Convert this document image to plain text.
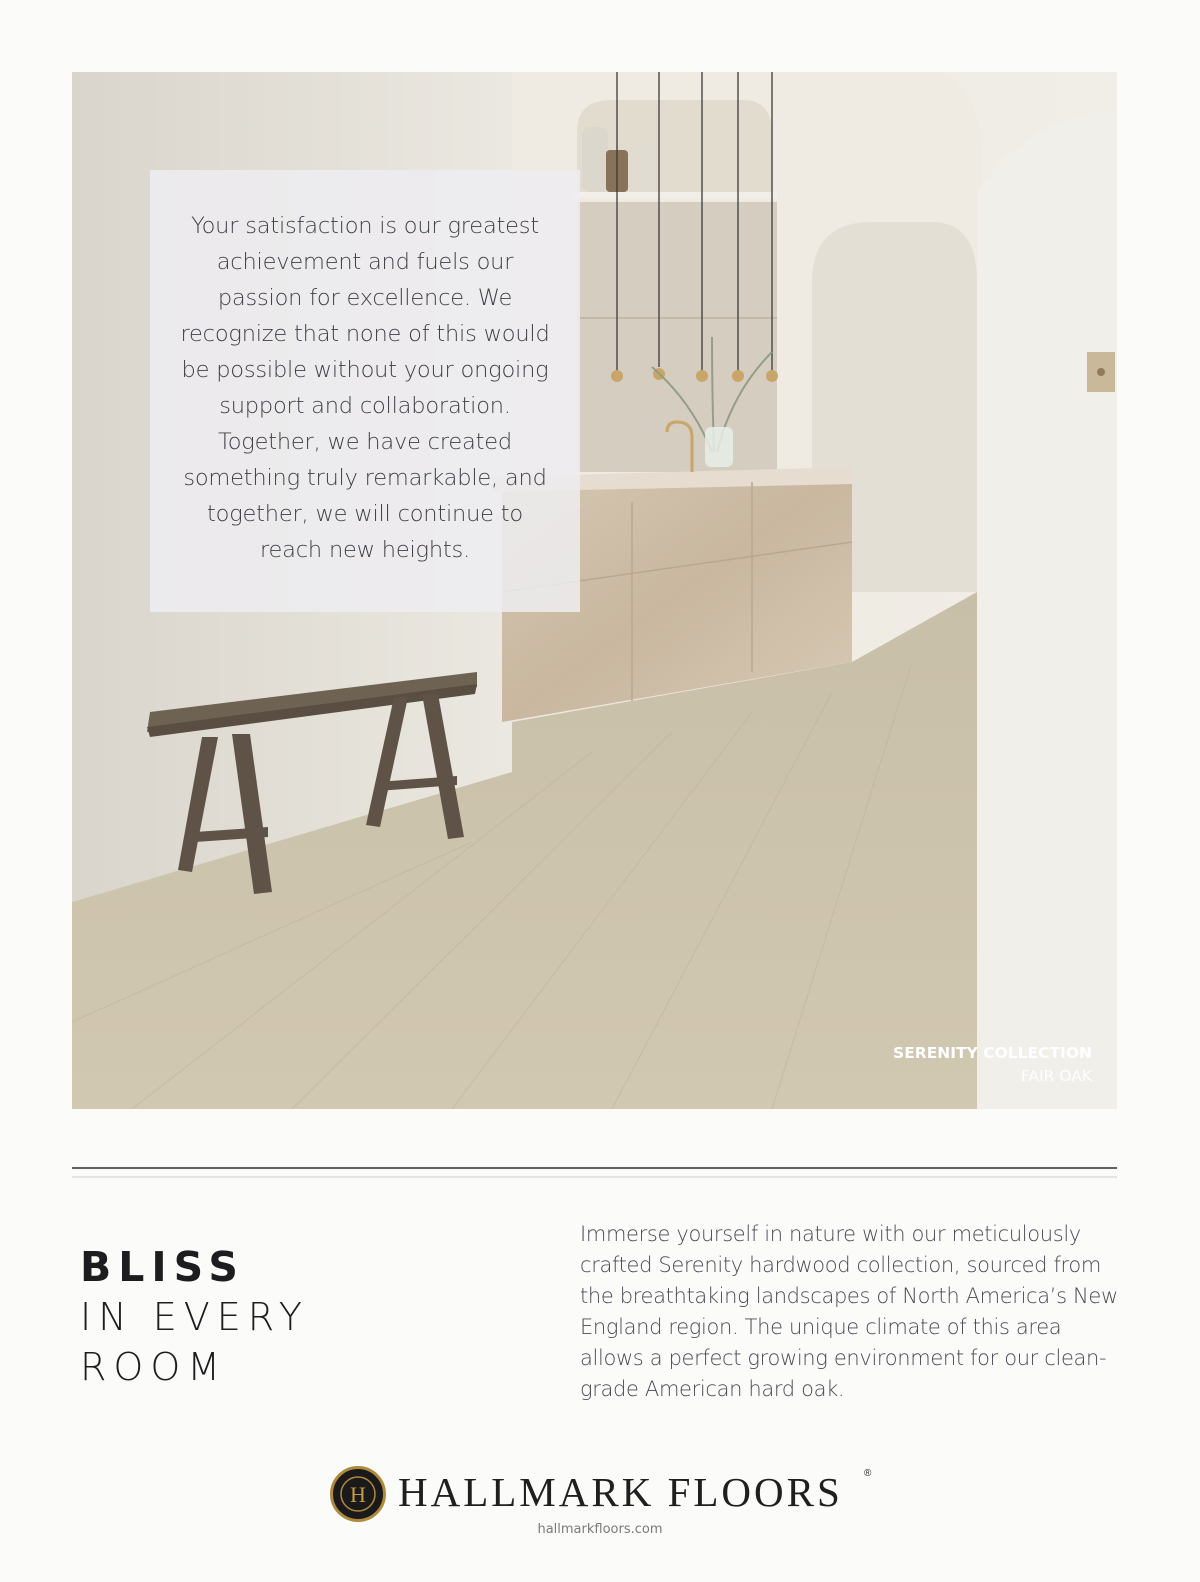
Your satisfaction is our greatest achievement and fuels our passion for excellence. We recognize that none of this would be possible without your ongoing support and collaboration. Together, we have created something truly remarkable, and together, we will continue to reach new heights.

SERENITY COLLECTION
FAIR OAK
BLISS
IN EVERY
ROOM

Immerse yourself in nature with our meticulously crafted Serenity hardwood collection, sourced from the breathtaking landscapes of North America’s New England region. The unique climate of this area allows a perfect growing environment for our clean-grade American hard oak.

H HALLMARK FLOORS ®
hallmarkfloors.com
